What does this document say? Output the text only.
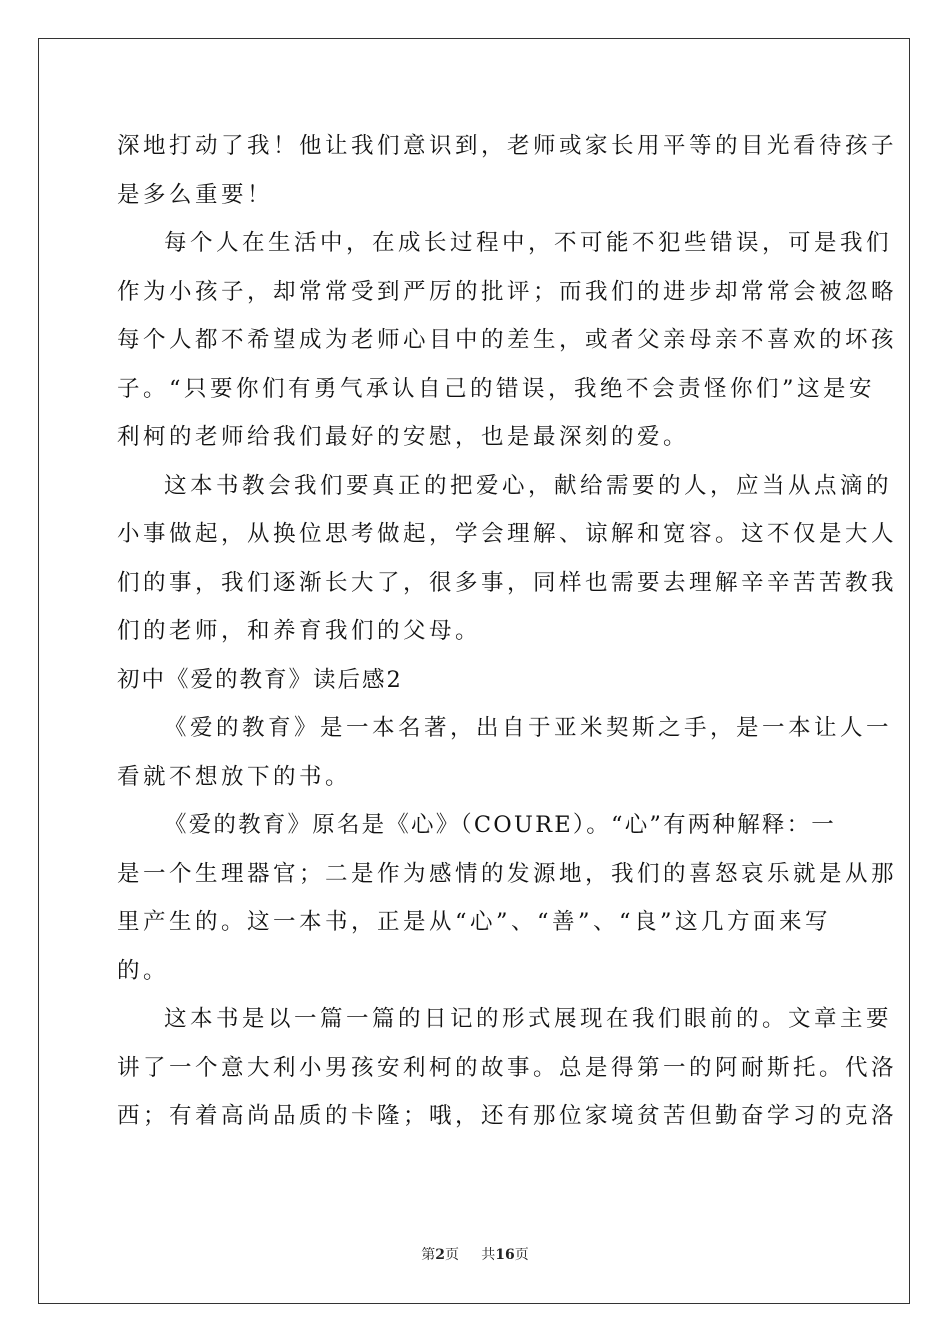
深地打动了我！他让我们意识到，老师或家长用平等的目光看待孩子
是多么重要！
每个人在生活中，在成长过程中，不可能不犯些错误，可是我们
作为小孩子，却常常受到严厉的批评；而我们的进步却常常会被忽略
每个人都不希望成为老师心目中的差生，或者父亲母亲不喜欢的坏孩
子。“只要你们有勇气承认自己的错误，我绝不会责怪你们”这是安
利柯的老师给我们最好的安慰，也是最深刻的爱。
这本书教会我们要真正的把爱心，献给需要的人，应当从点滴的
小事做起，从换位思考做起，学会理解、谅解和宽容。这不仅是大人
们的事，我们逐渐长大了，很多事，同样也需要去理解辛辛苦苦教我
们的老师，和养育我们的父母。
初中《爱的教育》读后感2
《爱的教育》是一本名著，出自于亚米契斯之手，是一本让人一
看就不想放下的书。
《爱的教育》原名是《心》（COURE）。“心”有两种解释：一
是一个生理器官；二是作为感情的发源地，我们的喜怒哀乐就是从那
里产生的。这一本书，正是从“心”、“善”、“良”这几方面来写
的。
这本书是以一篇一篇的日记的形式展现在我们眼前的。文章主要
讲了一个意大利小男孩安利柯的故事。总是得第一的阿耐斯托。代洛
西；有着高尚品质的卡隆；哦，还有那位家境贫苦但勤奋学习的克洛
第2页 共16页
